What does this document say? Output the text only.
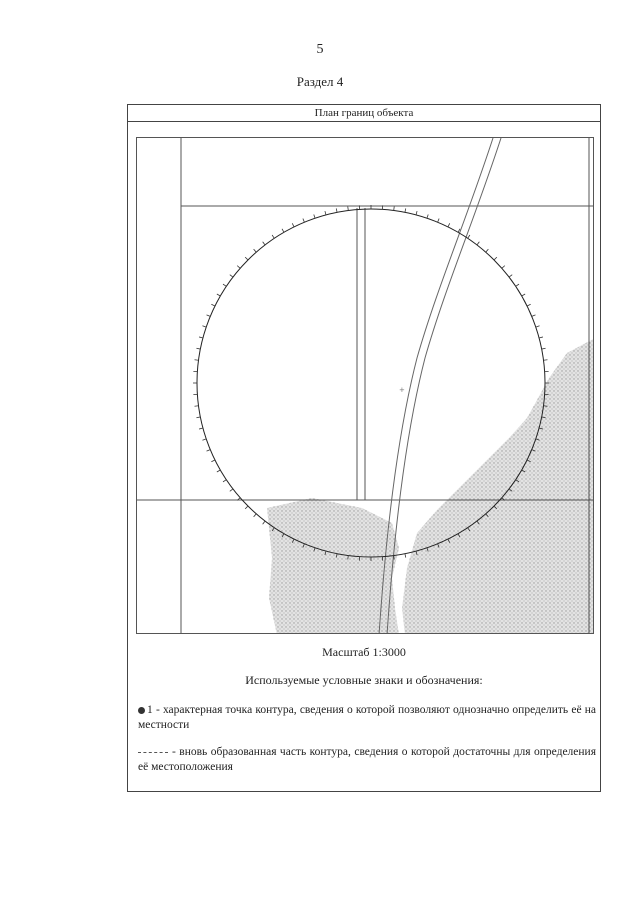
5
Раздел 4
План границ объекта
+
Масштаб 1:3000
Используемые условные знаки и обозначения:
1 - характерная точка контура, сведения о которой позволяют однозначно определить её на местности
- вновь образованная часть контура, сведения о которой достаточны для определения её местоположения
